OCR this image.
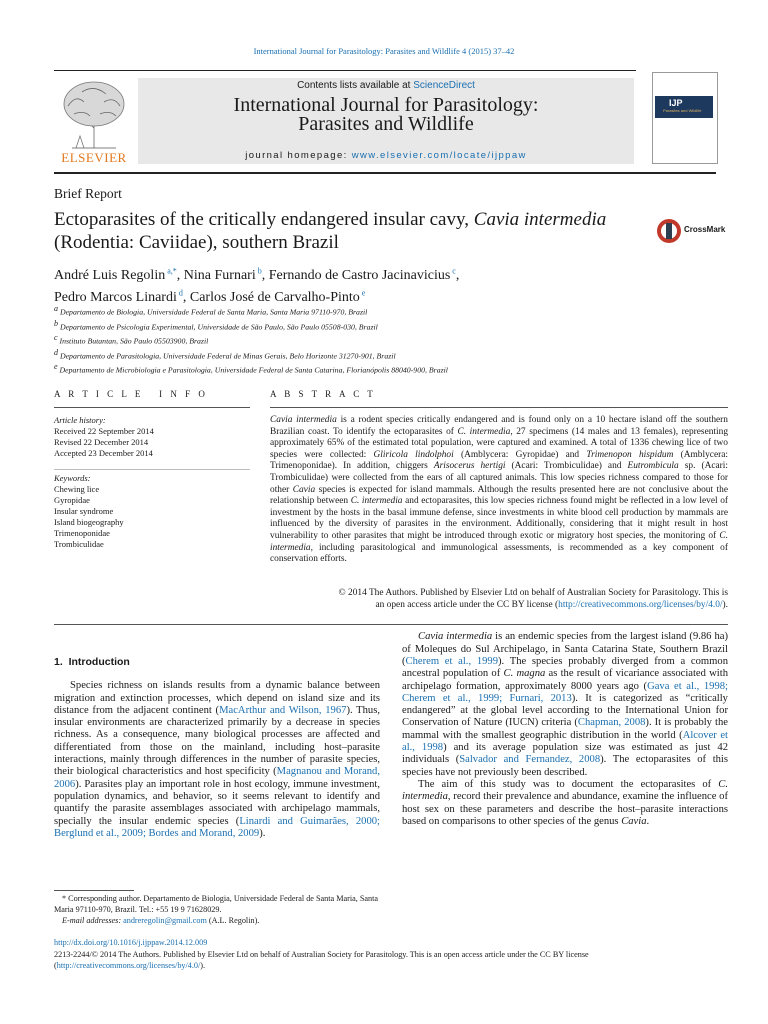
International Journal for Parasitology: Parasites and Wildlife 4 (2015) 37–42
ELSEVIER
Contents lists available at ScienceDirect
International Journal for Parasitology:
Parasites and Wildlife
journal homepage: www.elsevier.com/locate/ijppaw
IJP
Parasites and Wildlife
Brief Report
Ectoparasites of the critically endangered insular cavy, Cavia intermedia (Rodentia: Caviidae), southern Brazil
CrossMark
André Luis Regolin $^{a,*}$, Nina Furnari $^b$, Fernando de Castro Jacinavicius $^c$,
Pedro Marcos Linardi $^d$, Carlos José de Carvalho-Pinto $^e$
$^a$ Departamento de Biologia, Universidade Federal de Santa Maria, Santa Maria 97110-970, Brazil
$^b$ Departamento de Psicologia Experimental, Universidade de São Paulo, São Paulo 05508-030, Brazil
$^c$ Instituto Butantan, São Paulo 05503900, Brazil
$^d$ Departamento de Parasitologia, Universidade Federal de Minas Gerais, Belo Horizonte 31270-901, Brazil
$^e$ Departamento de Microbiologia e Parasitologia, Universidade Federal de Santa Catarina, Florianópolis 88040-900, Brazil
A R T I C L E   I N F O	A B S T R A C T
Article history:
Received 22 September 2014
Revised 22 December 2014
Accepted 23 December 2014
Keywords:
Chewing lice
Gyropidae
Insular syndrome
Island biogeography
Trimenoponidae
Trombiculidae
Cavia intermedia is a rodent species critically endangered and is found only on a 10 hectare island off the southern Brazilian coast. To identify the ectoparasites of C. intermedia, 27 specimens (14 males and 13 females), representing approximately 65% of the estimated total population, were captured and examined. A total of 1336 chewing lice of two species were collected: Gliricola lindolphoi (Amblycera: Gyropidae) and Trimenopon hispidum (Amblycera: Trimenoponidae). In addition, chiggers Arisocerus hertigi (Acari: Trombiculidae) and Eutrombicula sp. (Acari: Trombiculidae) were collected from the ears of all captured animals. This low species richness compared to those for other Cavia species is expected for island mammals. Although the results presented here are not conclusive about the relationship between C. intermedia and ectoparasites, this low species richness found might be reflected in a low level of investment by the hosts in the basal immune defense, since investments in white blood cell production by mammals are influenced by the diversity of parasites in the environment. Additionally, considering that it might result in host vulnerability to other parasites that might be introduced through exotic or migratory host species, the monitoring of C. intermedia, including parasitological and immunological assessments, is recommended as a key component of conservation efforts.
© 2014 The Authors. Published by Elsevier Ltd on behalf of Australian Society for Parasitology. This is
an open access article under the CC BY license (http://creativecommons.org/licenses/by/4.0/).
1.  Introduction

Species richness on islands results from a dynamic balance between migration and extinction processes, which depend on island size and its distance from the adjacent continent (MacArthur and Wilson, 1967). Thus, insular environments are characterized primarily by a decrease in species richness. As a consequence, many biological processes are affected and differentiated from those on the mainland, including host–parasite interactions, mainly through differences in the number of parasite species, their biological characteristics and host specificity (Magnanou and Morand, 2006). Parasites play an important role in host ecology, immune investment, population dynamics, and behavior, so it seems relevant to identify and quantify the parasite assemblages associated with archipelago mammals, specially the insular endemic species (Linardi and Guimarães, 2000; Berglund et al., 2009; Bordes and Morand, 2009).

Cavia intermedia is an endemic species from the largest island (9.86 ha) of Moleques do Sul Archipelago, in Santa Catarina State, Southern Brazil (Cherem et al., 1999). The species probably diverged from a common ancestral population of C. magna as the result of vicariance associated with archipelago formation, approximately 8000 years ago (Gava et al., 1998; Cherem et al., 1999; Furnari, 2013). It is categorized as “critically endangered” at the global level according to the International Union for Conservation of Nature (IUCN) criteria (Chapman, 2008). It is probably the mammal with the smallest geographic distribution in the world (Alcover et al., 1998) and its average population size was estimated as just 42 individuals (Salvador and Fernandez, 2008). The ectoparasites of this species have not previously been described.

The aim of this study was to document the ectoparasites of C. intermedia, record their prevalence and abundance, examine the influence of host sex on these parameters and describe the host–parasite interactions based on comparisons to other species of the genus Cavia.

* Corresponding author. Departamento de Biologia, Universidade Federal de Santa Maria, Santa Maria 97110-970, Brazil. Tel.: +55 19 9 71628029.
E-mail addresses: andreregolin@gmail.com (A.L. Regolin).
http://dx.doi.org/10.1016/j.ijppaw.2014.12.009
2213-2244/© 2014 The Authors. Published by Elsevier Ltd on behalf of Australian Society for Parasitology. This is an open access article under the CC BY license (http://creativecommons.org/licenses/by/4.0/).
